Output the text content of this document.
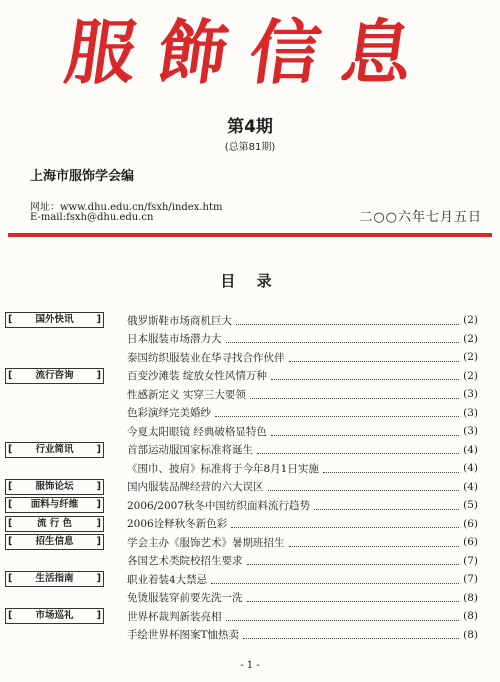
服飾信息
第4期
(总第81期)
上海市服饰学会编
网址：www.dhu.edu.cn/fsxh/index.htm
E-mail:fsxh@dhu.edu.cn	二○○六年七月五日
目 录
[ 国外快讯 ] 俄罗斯鞋市场商机巨大	(2)
日本服装市场潜力大	(2)
泰国纺织服装业在华寻找合作伙伴	(2)
[ 流行咨询 ] 百变沙滩装 绽放女性风情万种	(2)
性感新定义 实穿三大要领	(3)
色彩演绎完美婚纱	(3)
今夏太阳眼镜 经典破格显特色	(3)
[ 行业简讯 ] 首部运动服国家标准将诞生	(4)
《围巾、披肩》标准将于今年8月1日实施	(4)
[ 服饰论坛 ] 国内服装品牌经营的六大误区	(4)
[ 面料与纤维 ] 2006/2007秋冬中国纺织面料流行趋势	(5)
[	流 行 色	] 2006诠释秋冬新色彩	(6)
[ 招生信息 ] 学会主办《服饰艺术》暑期班招生	(6)
各国艺术类院校招生要求	(7)
[ 生活指南 ] 职业着装4大禁忌	(7)
免烫服装穿前要先洗一洗	(8)
[ 市场巡礼 ] 世界杯裁判新装亮相	(8)
手绘世界杯图案T恤热卖	(8)
- 1 -
